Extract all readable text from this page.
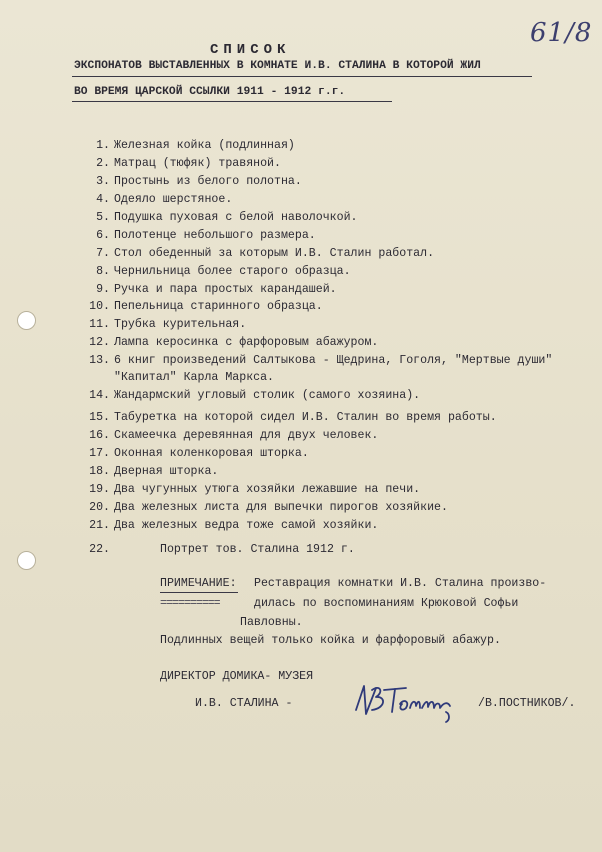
61/8
СПИСОК
ЭКСПОНАТОВ ВЫСТАВЛЕННЫХ В КОМНАТЕ И.В. СТАЛИНА В КОТОРОЙ ЖИЛ
ВО ВРЕМЯ ЦАРСКОЙ ССЫЛКИ 1911 - 1912 г.г.
1. Железная койка (подлинная)
2. Матрац (тюфяк) травяной.
3. Простынь из белого полотна.
4. Одеяло шерстяное.
5. Подушка пуховая с белой наволочкой.
6. Полотенце небольшого размера.
7. Стол обеденный за которым И.В. Сталин работал.
8. Чернильница более старого образца.
9. Ручка и пара простых карандашей.
10. Пепельница старинного образца.
11. Трубка курительная.
12. Лампа керосинка с фарфоровым абажуром.
13. 6 книг произведений Салтыкова - Щедрина, Гоголя, "Мертвые души"
"Капитал" Карла Маркса.
14. Жандармский угловый столик (самого хозяина).
15. Табуретка на которой сидел И.В. Сталин во время работы.
16. Скамеечка деревянная для двух человек.
17. Оконная коленкоровая шторка.
18. Дверная шторка.
19. Два чугунных утюга хозяйки лежавшие на печи.
20. Два железных листа для выпечки пирогов хозяйкие.
21. Два железных ведра тоже самой хозяйки.
22.	Портрет тов. Сталина 1912 г.
ПРИМЕЧАНИЕ: Реставрация комнатки И.В. Сталина произво-
==========	дилась по воспоминаниям Крюковой Софьи
Павловны.
Подлинных вещей только койка и фарфоровый абажур.
ДИРЕКТОР ДОМИКА- МУЗЕЯ
И.В. СТАЛИНА -	/В.ПОСТНИКОВ/.
